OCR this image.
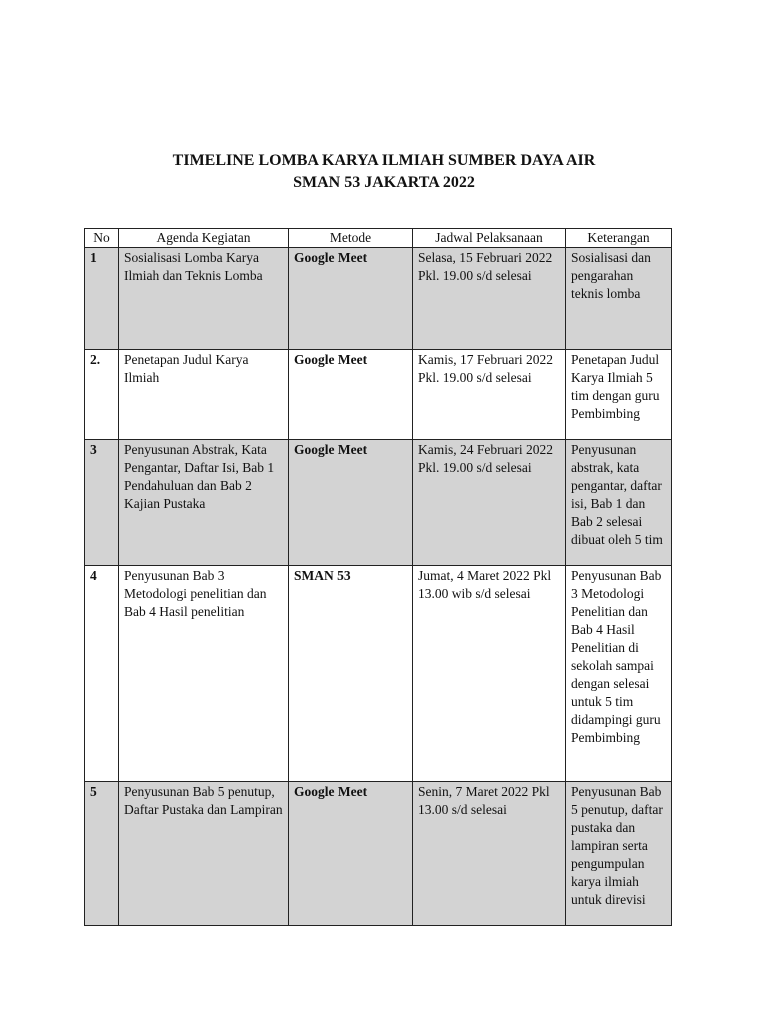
TIMELINE LOMBA KARYA ILMIAH SUMBER DAYA AIR
SMAN 53 JAKARTA 2022
No	Agenda Kegiatan	Metode	Jadwal Pelaksanaan	Keterangan
1	Sosialisasi Lomba Karya Ilmiah dan Teknis Lomba	Google Meet	Selasa, 15 Februari 2022 Pkl. 19.00 s/d selesai	Sosialisasi dan pengarahan teknis lomba
2.	Penetapan Judul Karya Ilmiah	Google Meet	Kamis, 17 Februari 2022 Pkl. 19.00 s/d selesai	Penetapan Judul Karya Ilmiah 5 tim dengan guru Pembimbing
3	Penyusunan Abstrak, Kata Pengantar, Daftar Isi, Bab 1 Pendahuluan dan Bab 2 Kajian Pustaka	Google Meet	Kamis, 24 Februari 2022 Pkl. 19.00 s/d selesai	Penyusunan abstrak, kata pengantar, daftar isi, Bab 1 dan Bab 2 selesai dibuat oleh 5 tim
4	Penyusunan Bab 3 Metodologi penelitian dan Bab 4 Hasil penelitian	SMAN 53	Jumat, 4 Maret 2022 Pkl 13.00 wib s/d selesai	Penyusunan Bab 3 Metodologi Penelitian dan Bab 4 Hasil Penelitian di sekolah sampai dengan selesai untuk 5 tim didampingi guru Pembimbing
5	Penyusunan Bab 5 penutup, Daftar Pustaka dan Lampiran	Google Meet	Senin, 7 Maret 2022 Pkl 13.00 s/d selesai	Penyusunan Bab 5 penutup, daftar pustaka dan lampiran serta pengumpulan karya ilmiah untuk direvisi
